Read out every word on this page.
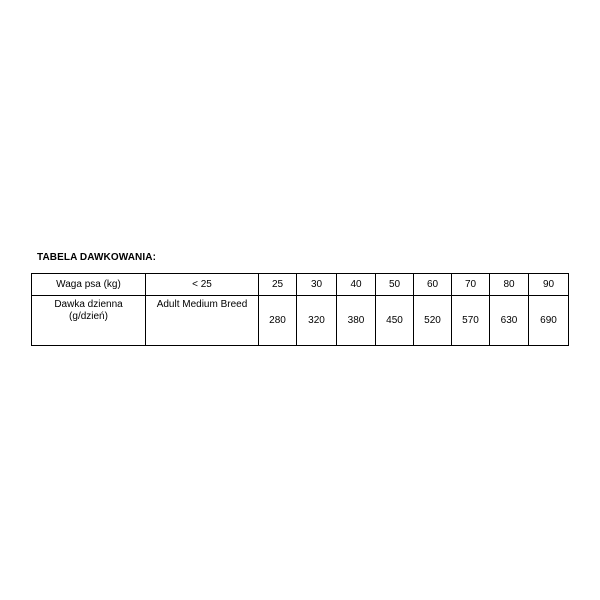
TABELA DAWKOWANIA:
Waga psa (kg)	< 25	25	30	40	50	60	70	80	90

Dawka dzienna
(g/dzień)	Adult Medium Breed	280	320	380	450	520	570	630	690
